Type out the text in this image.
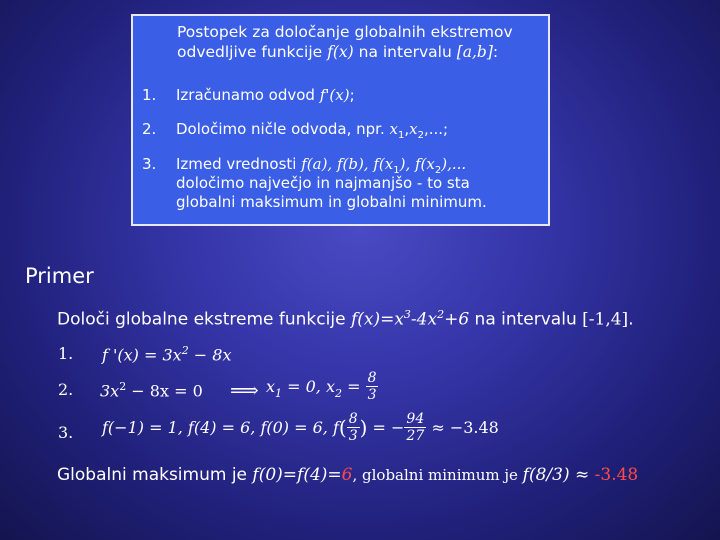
Postopek za določanje globalnih ekstremov
odvedljive funkcije f(x) na intervalu [a,b]:
1. Izračunamo odvod f'(x);
2. Določimo ničle odvoda, npr. $x_1,x_2$,...;
3. Izmed vrednosti f(a), f(b), $f(x_1)$, $f(x_2)$,...
določimo največjo in najmanjšo - to sta
globalni maksimum in globalni minimum.
Primer
Določi globalne ekstreme funkcije $f(x)=x^3-4x^2+6$ na intervalu [-1,4].
1. f '$(x) = 3x^2 - 8x$
2. $3x^2 - 8x = 0$ ⟹ $x_1 = 0$, $x_2 = \frac{8}{3}$
3. f(−1) = 1, f(4) = 6, f(0) = 6, $f( \frac{8}{3}$ ) = − $\frac{94}{27} \approx -3.48$
Globalni maksimum je f(0)=f(4)=6, globalni minimum je f(8/3) ≈ -3.48
